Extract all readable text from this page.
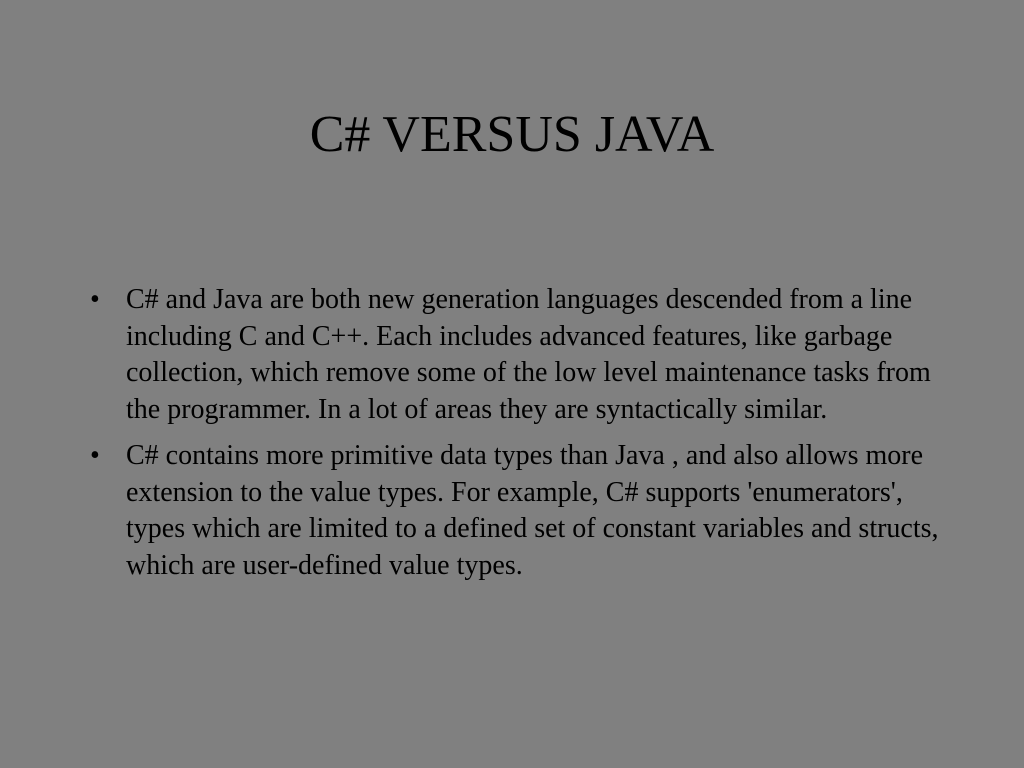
C# VERSUS JAVA
• C# and Java are both new generation languages descended from a line including C and C++. Each includes advanced features, like garbage collection, which remove some of the low level maintenance tasks from the programmer. In a lot of areas they are syntactically similar.
• C# contains more primitive data types than Java , and also allows more extension to the value types. For example, C# supports 'enumerators', types which are limited to a defined set of constant variables and structs, which are user-defined value types.
